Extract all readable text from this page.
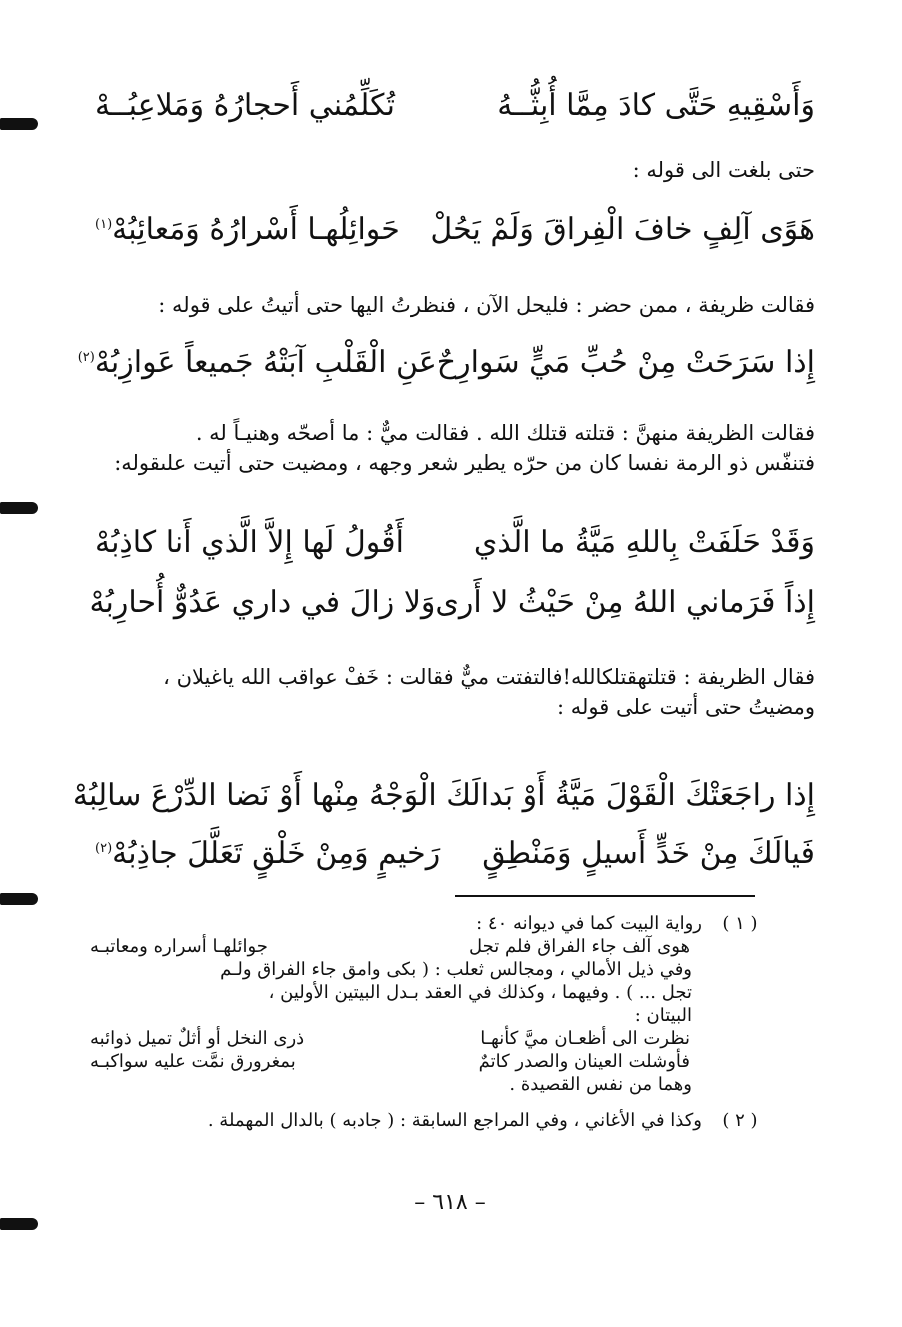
وَأَسْقِيهِ حَتَّى كادَ مِمَّا أُبِثُّــهُ
تُكَلِّمُني أَحجارُهُ وَمَلاعِبُــهْ

حتى بلغت الى قوله :

هَوًى آلِفٍ خافَ الْفِراقَ وَلَمْ يَحُلْ
حَوائِلُهـا أَسْرارُهُ وَمَعائِبُهْ$^{(١)}$

فقالت ظريفة ، ممن حضر : فليحل الآن ، فنظرتُ اليها حتى أتيتُ على قوله :

إِذا سَرَحَتْ مِنْ حُبِّ مَيٍّ سَوارِحٌ
عَنِ الْقَلْبِ آبَتْهُ جَميعاً عَوازِبُهْ$^{(٢)}$

فقالت الظريفة منهنَّ : قتلته قتلك الله . فقالت ميٌّ : ما أصحّه وهنيـاً له .

فتنفّس ذو الرمة نفسا كان من حرّه يطير شعر وجهه ، ومضيت حتى أتيت علىقوله:

وَقَدْ حَلَفَتْ بِاللهِ مَيَّةُ ما الَّذي
أَقُولُ لَها إِلاَّ الَّذي أَنا كاذِبُهْ
إِذاً فَرَماني اللهُ مِنْ حَيْثُ لا أَرى
وَلا زالَ في داري عَدُوٌّ أُحارِبُهْ

فقال الظريفة : قتلتهقتلكالله!فالتفتت ميٌّ فقالت : خَفْ عواقب الله ياغيلان ،

ومضيتُ حتى أتيت على قوله :

إِذا راجَعَتْكَ الْقَوْلَ مَيَّةُ أَوْ بَدا
لَكَ الْوَجْهُ مِنْها أَوْ نَضا الدِّرْعَ سالِبُهْ
فَيالَكَ مِنْ خَدٍّ أَسيلٍ وَمَنْطِقٍ
رَخيمٍ وَمِنْ خَلْقٍ تَعَلَّلَ جاذِبُهْ$^{(٢)}$
( ١ )
رواية البيت كما في ديوانه ٤٠ :
هوى آلف جاء الفراق فلم تجل
جوائلهـا أسراره ومعاتبـه
وفي ذيل الأمالي ، ومجالس ثعلب : ( بكى وامق جاء الفراق ولـم
تجل ... ) . وفيهما ، وكذلك في العقد بـدل البيتين الأولين ،
البيتان :
نظرت الى أظعـان ميَّ كأنهـا
ذرى النخل أو أثلٌ تميل ذوائبه
فأوشلت العينان والصدر كاتمٌ
بمغرورق نمَّت عليه سواكبـه
وهما من نفس القصيدة .
( ٢ )
وكذا في الأغاني ، وفي المراجع السابقة : ( جادبه ) بالدال المهملة .
– ٦١٨ –
